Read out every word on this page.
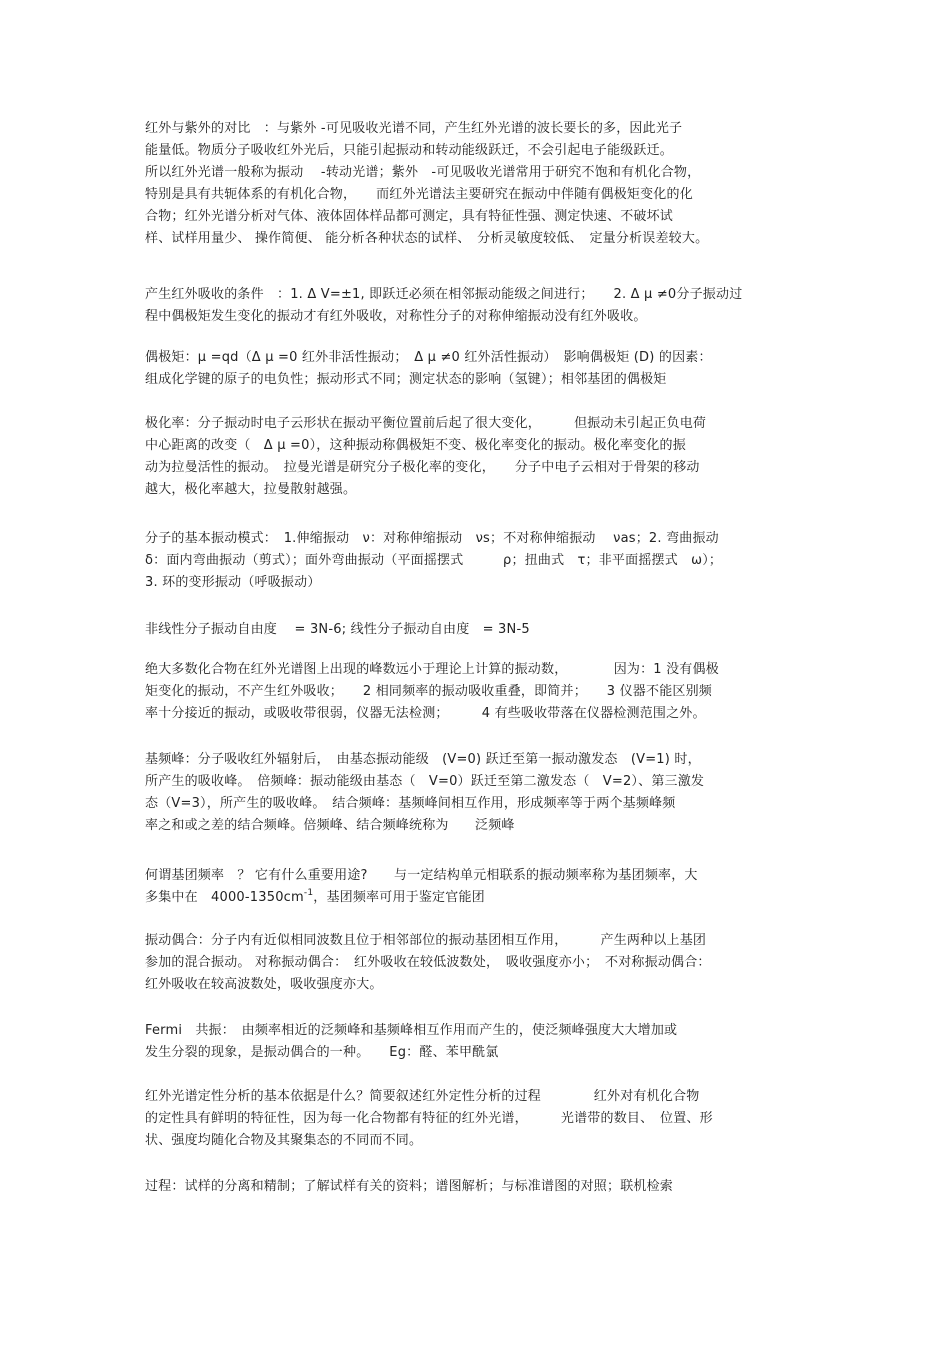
红外与紫外的对比　：与紫外 -可见吸收光谱不同，产生红外光谱的波长要长的多，因此光子
能量低。物质分子吸收红外光后，只能引起振动和转动能级跃迁，不会引起电子能级跃迁。
所以红外光谱一般称为振动　 -转动光谱；紫外　-可见吸收光谱常用于研究不饱和有机化合物，
特别是具有共轭体系的有机化合物，　　而红外光谱法主要研究在振动中伴随有偶极矩变化的化
合物；红外光谱分析对气体、液体固体样品都可测定，具有特征性强、测定快速、不破坏试
样、试样用量少、 操作简便、 能分析各种状态的试样、　分析灵敏度较低、　定量分析误差较大。
产生红外吸收的条件　：1. Δ V=±1, 即跃迁必须在相邻振动能级之间进行；　　2. Δ μ ≠0分子振动过
程中偶极矩发生变化的振动才有红外吸收，对称性分子的对称伸缩振动没有红外吸收。
偶极矩：μ =qd（Δ μ =0 红外非活性振动；　Δ μ ≠0 红外活性振动）　影响偶极矩 (D) 的因素：
组成化学键的原子的电负性；振动形式不同；测定状态的影响（氢键）；相邻基团的偶极矩
极化率：分子振动时电子云形状在振动平衡位置前后起了很大变化，　　　但振动未引起正负电荷
中心距离的改变（　Δ μ =0），这种振动称偶极矩不变、极化率变化的振动。极化率变化的振
动为拉曼活性的振动。　拉曼光谱是研究分子极化率的变化，　　分子中电子云相对于骨架的移动
越大，极化率越大，拉曼散射越强。
分子的基本振动模式：　1.伸缩振动　ν：对称伸缩振动　νs；不对称伸缩振动　 νas；2. 弯曲振动
δ：面内弯曲振动（剪式）；面外弯曲振动（平面摇摆式　　　ρ；扭曲式　τ；非平面摇摆式　ω）；
3. 环的变形振动（呼吸振动）
非线性分子振动自由度　 = 3N-6; 线性分子振动自由度　= 3N-5
绝大多数化合物在红外光谱图上出现的峰数远小于理论上计算的振动数，　　　　因为：1 没有偶极
矩变化的振动，不产生红外吸收；　　2 相同频率的振动吸收重叠，即简并；　　3 仪器不能区别频
率十分接近的振动，或吸收带很弱，仪器无法检测；　　　4 有些吸收带落在仪器检测范围之外。
基频峰：分子吸收红外辐射后，　由基态振动能级　(V=0) 跃迁至第一振动激发态　(V=1) 时，
所产生的吸收峰。　倍频峰：振动能级由基态（　V=0）跃迁至第二激发态（　V=2）、第三激发
态（V=3），所产生的吸收峰。　结合频峰：基频峰间相互作用，形成频率等于两个基频峰频
率之和或之差的结合频峰。倍频峰、结合频峰统称为　　泛频峰
何谓基团频率　？ 它有什么重要用途?　　与一定结构单元相联系的振动频率称为基团频率，大
多集中在　$4000-1350cm^{-1}$，基团频率可用于鉴定官能团
振动偶合：分子内有近似相同波数且位于相邻部位的振动基团相互作用，　　　产生两种以上基团
参加的混合振动。 对称振动偶合：　红外吸收在较低波数处，　吸收强度亦小；　不对称振动偶合：
红外吸收在较高波数处，吸收强度亦大。
Fermi　共振：　由频率相近的泛频峰和基频峰相互作用而产生的，使泛频峰强度大大增加或
发生分裂的现象，是振动偶合的一种。　　Eg：醛、苯甲酰氯
红外光谱定性分析的基本依据是什么？简要叙述红外定性分析的过程　　　　红外对有机化合物
的定性具有鲜明的特征性，因为每一化合物都有特征的红外光谱，　　　光谱带的数目、　位置、形
状、强度均随化合物及其聚集态的不同而不同。
过程：试样的分离和精制；了解试样有关的资料；谱图解析；与标准谱图的对照；联机检索
